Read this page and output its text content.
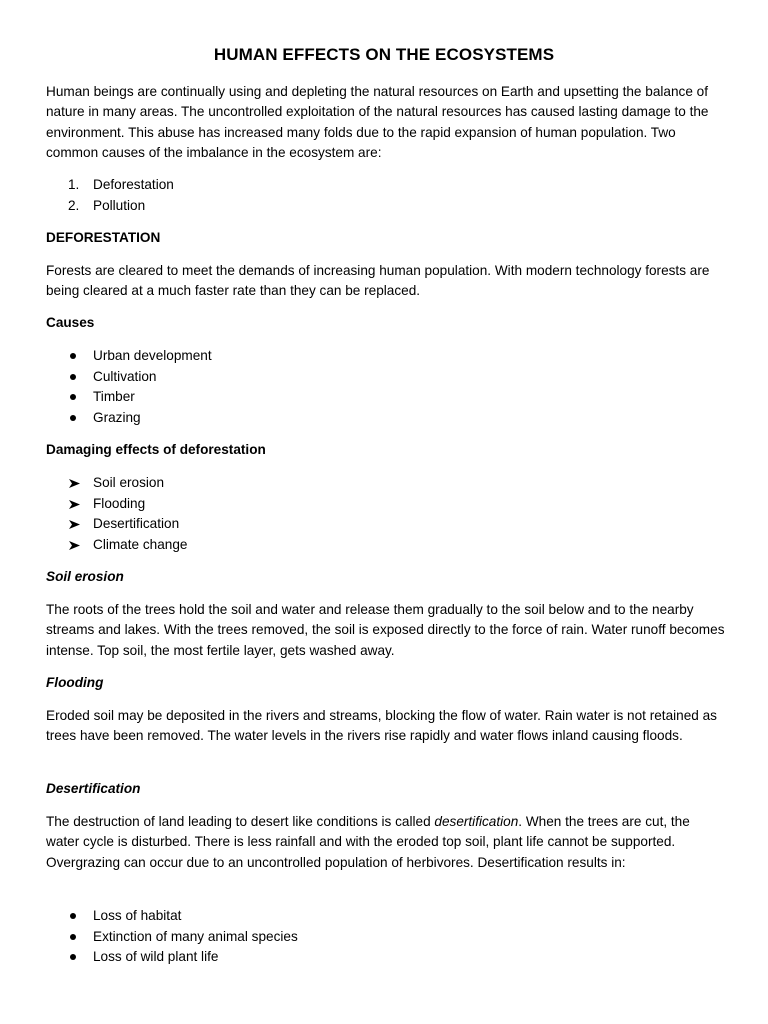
HUMAN EFFECTS ON THE ECOSYSTEMS

Human beings are continually using and depleting the natural resources on Earth and upsetting the balance of nature in many areas. The uncontrolled exploitation of the natural resources has caused lasting damage to the environment. This abuse has increased many folds due to the rapid expansion of human population. Two common causes of the imbalance in the ecosystem are:

1.	Deforestation
2.	Pollution
DEFORESTATION

Forests are cleared to meet the demands of increasing human population. With modern technology forests are being cleared at a much faster rate than they can be replaced.

Causes
Urban development
Cultivation
Timber
Grazing
Damaging effects of deforestation
Soil erosion
Flooding
Desertification
Climate change
Soil erosion

The roots of the trees hold the soil and water and release them gradually to the soil below and to the nearby streams and lakes. With the trees removed, the soil is exposed directly to the force of rain. Water runoff becomes intense. Top soil, the most fertile layer, gets washed away.

Flooding

Eroded soil may be deposited in the rivers and streams, blocking the flow of water. Rain water is not retained as trees have been removed. The water levels in the rivers rise rapidly and water flows inland causing floods.

Desertification

The destruction of land leading to desert like conditions is called desertification. When the trees are cut, the water cycle is disturbed. There is less rainfall and with the eroded top soil, plant life cannot be supported. Overgrazing can occur due to an uncontrolled population of herbivores. Desertification results in:

Loss of habitat
Extinction of many animal species
Loss of wild plant life
